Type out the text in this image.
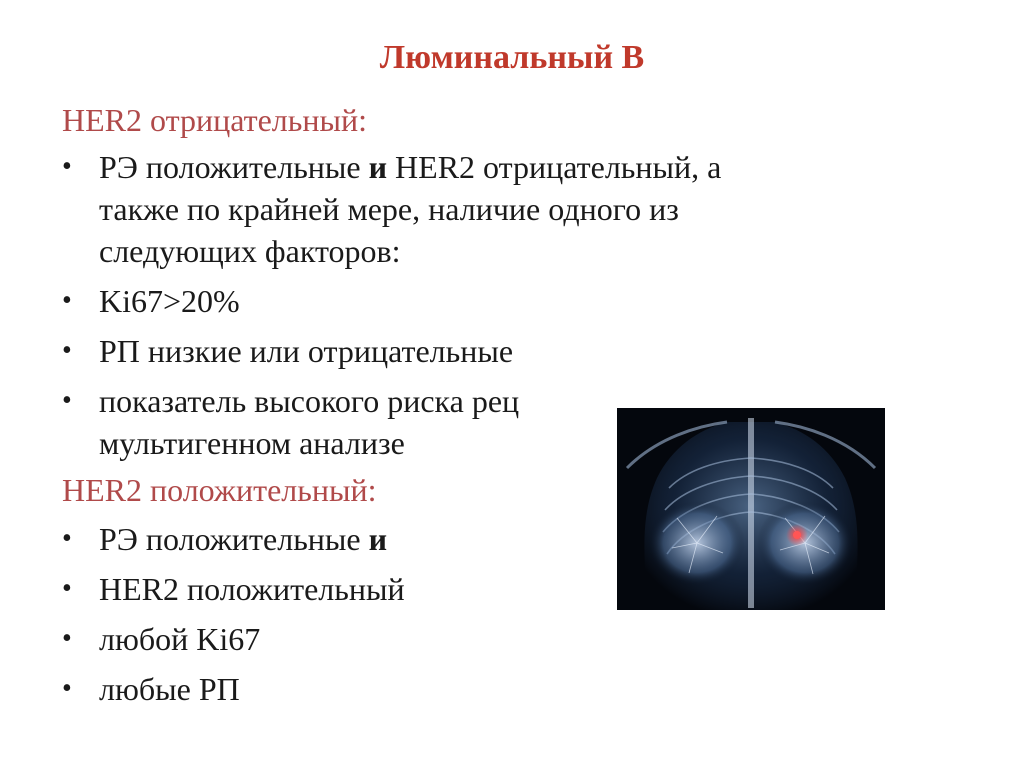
Люминальный B
HER2 отрицательный:
• РЭ положительные и HER2 отрицательный, а
также по крайней мере, наличие одного из
следующих факторов:
• Ki67>20%
• РП низкие или отрицательные
• показатель высокого риска рец
мультигенном анализе
HER2 положительный:
• РЭ положительные и
• HER2 положительный
• любой Ki67
• любые РП
